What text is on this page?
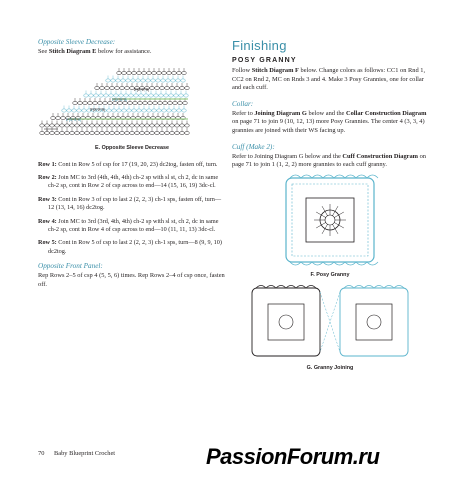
Opposite Sleeve Decrease:
See Stitch Diagram E below for assistance.
1
2 (3, 3, 3)
2 (2, 2, 3)
2 (2, 3, 3)
2 (2, 2, 3)
E. Opposite Sleeve Decrease
Row 1: Cont in Row 5 of csp for 17 (19, 20, 23) dc2tog, fasten off, turn.
Row 2: Join MC to 3rd (4th, 4th, 4th) ch-2 sp with sl st, ch 2, dc in same ch-2 sp, cont in Row 2 of csp across to end—14 (15, 16, 19) 3dc-cl.
Row 3: Cont in Row 3 of csp to last 2 (2, 2, 3) ch-1 sps, fasten off, turn—12 (13, 14, 16) dc2tog.
Row 4: Join MC to 3rd (3rd, 4th, 4th) ch-2 sp with sl st, ch 2, dc in same ch-2 sp, cont in Row 4 of csp across to end—10 (11, 11, 13) 3dc-cl.
Row 5: Cont in Row 5 of csp to last 2 (2, 2, 3) ch-1 sps, turn—8 (9, 9, 10) dc2tog.
Opposite Front Panel:
Rep Rows 2–5 of csp 4 (5, 5, 6) times. Rep Rows 2–4 of csp once, fasten off.
Finishing
POSY GRANNY
Follow Stitch Diagram F below. Change colors as follows: CC1 on Rnd 1, CC2 on Rnd 2, MC on Rnds 3 and 4. Make 3 Posy Grannies, one for collar and each cuff.
Collar:
Refer to Joining Diagram G below and the Collar Construction Diagram on page 71 to join 9 (10, 12, 13) more Posy Grannies. The center 4 (3, 3, 4) grannies are joined with their WS facing up.
Cuff (Make 2):
Refer to Joining Diagram G below and the Cuff Construction Diagram on page 71 to join 1 (1, 2, 2) more grannies to each cuff granny.
F. Posy Granny
G. Granny Joining
70 Baby Blueprint Crochet	PassionForum.ru
